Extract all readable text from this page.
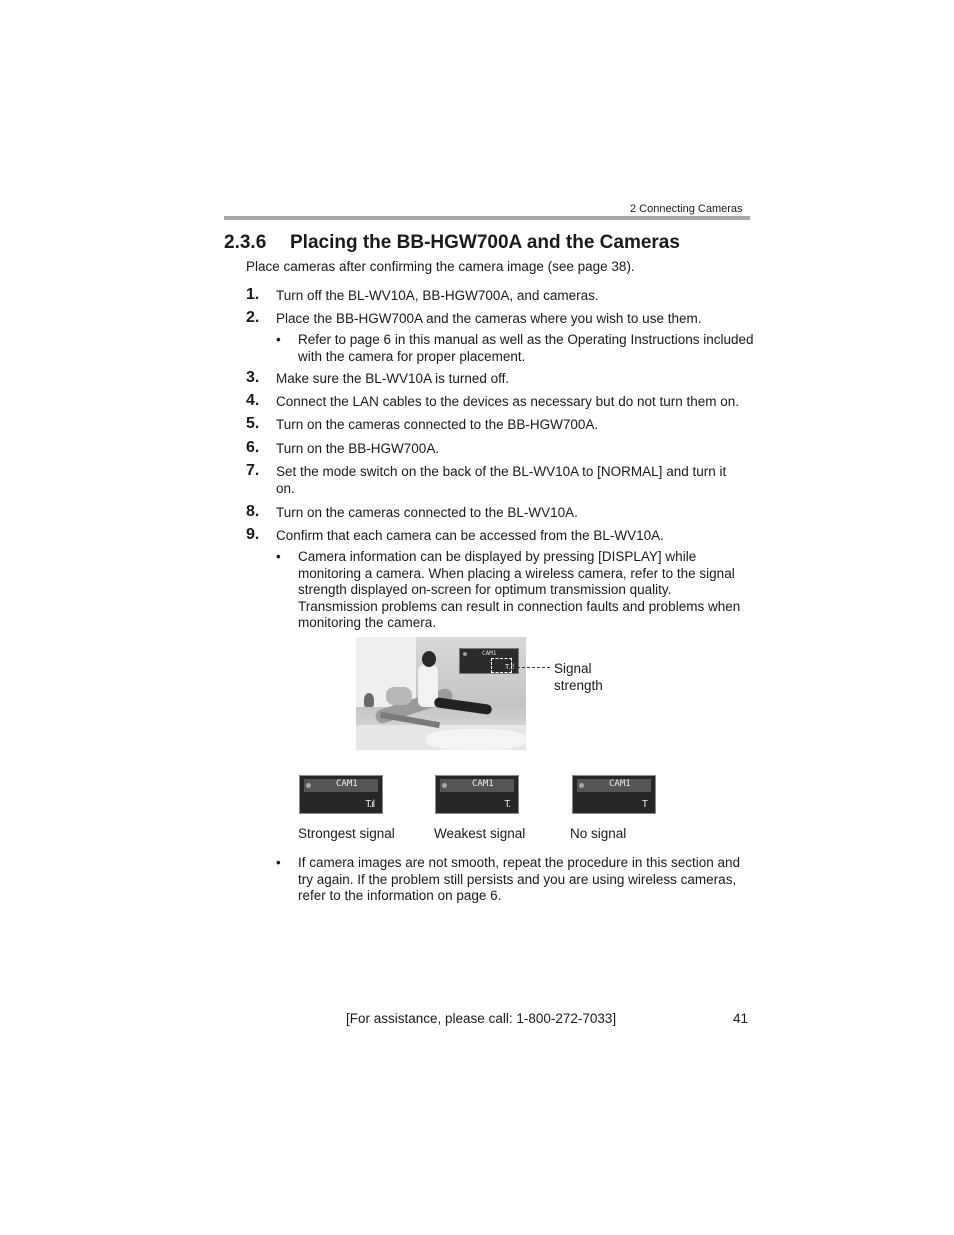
2 Connecting Cameras
2.3.6 Placing the BB-HGW700A and the Cameras
Place cameras after confirming the camera image (see page 38).
1. Turn off the BL-WV10A, BB-HGW700A, and cameras.
2. Place the BB-HGW700A and the cameras where you wish to use them.
• Refer to page 6 in this manual as well as the Operating Instructions included with the camera for proper placement.
3. Make sure the BL-WV10A is turned off.
4. Connect the LAN cables to the devices as necessary but do not turn them on.
5. Turn on the cameras connected to the BB-HGW700A.
6. Turn on the BB-HGW700A.
7. Set the mode switch on the back of the BL-WV10A to [NORMAL] and turn it on.
8. Turn on the cameras connected to the BL-WV10A.
9. Confirm that each camera can be accessed from the BL-WV10A.
• Camera information can be displayed by pressing [DISPLAY] while monitoring a camera. When placing a wireless camera, refer to the signal strength displayed on-screen for optimum transmission quality. Transmission problems can result in connection faults and problems when monitoring the camera.
CAM1
T.ıl	Signal
strength
CAM1
T.ıl
CAM1
T.
CAM1
T
Strongest signal	Weakest signal	No signal
• If camera images are not smooth, repeat the procedure in this section and try again. If the problem still persists and you are using wireless cameras, refer to the information on page 6.
[For assistance, please call: 1-800-272-7033]	41
